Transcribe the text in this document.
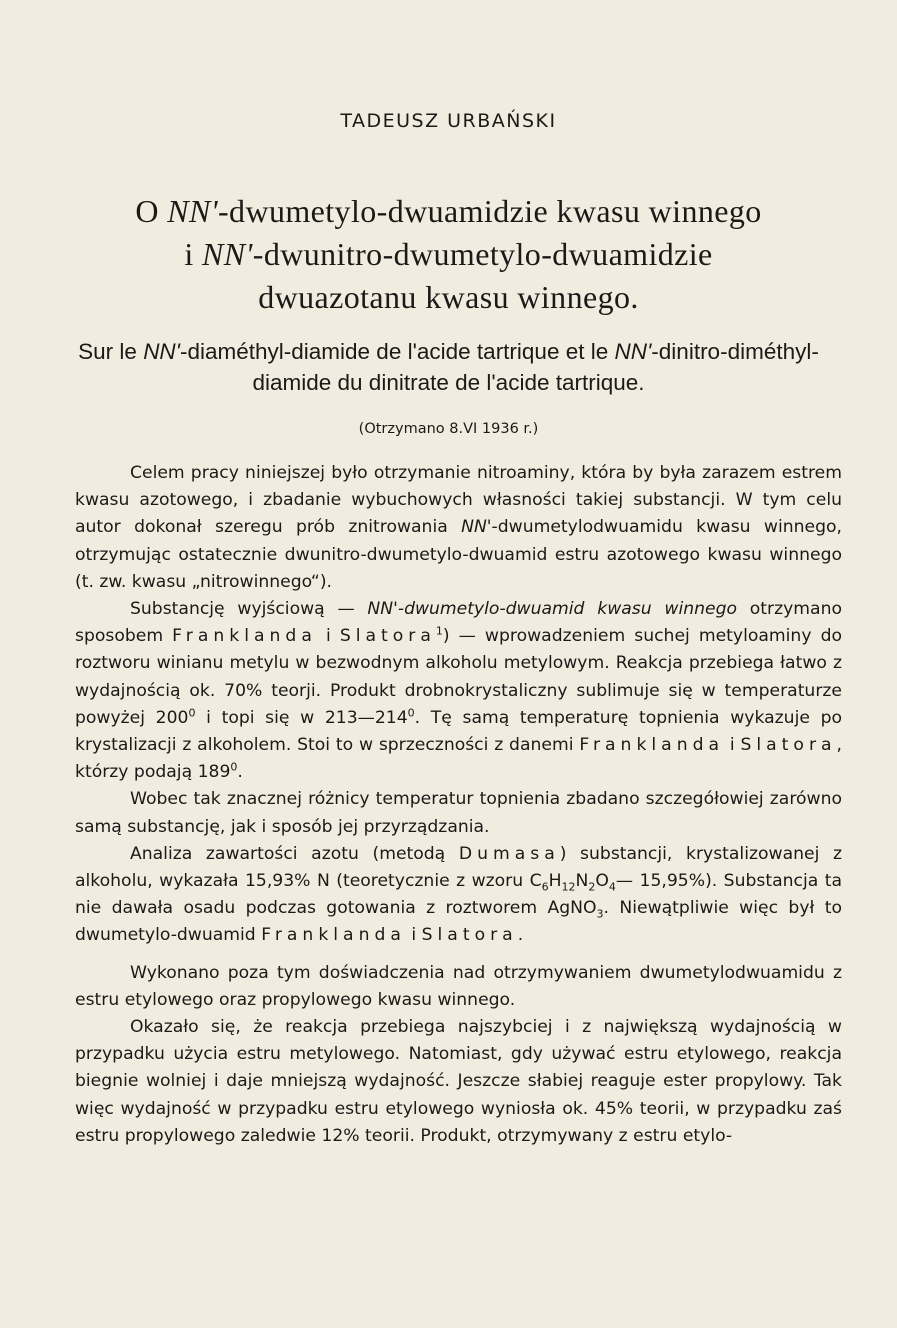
TADEUSZ URBAŃSKI
O NN'-dwumetylo-dwuamidzie kwasu winnego
i NN'-dwunitro-dwumetylo-dwuamidzie
dwuazotanu kwasu winnego.
Sur le NN'-diaméthyl-diamide de l'acide tartrique et le NN'-dinitro-diméthyl-diamide du dinitrate de l'acide tartrique.
(Otrzymano 8.VI 1936 r.)

Celem pracy niniejszej było otrzymanie nitroaminy, która by była zarazem estrem kwasu azotowego, i zbadanie wybuchowych własności takiej substancji. W tym celu autor dokonał szeregu prób znitrowania NN'-dwumetylodwuamidu kwasu winnego, otrzymując ostatecznie dwunitro-dwumetylo-dwuamid estru azotowego kwasu winnego (t. zw. kwasu „nitrowinnego“).

Substancję wyjściową — NN'-dwumetylo-dwuamid kwasu winnego otrzymano sposobem Franklanda i Slatora$^1$) — wprowadzeniem suchej metyloaminy do roztworu winianu metylu w bezwodnym alkoholu metylowym. Reakcja przebiega łatwo z wydajnością ok. 70% teorji. Produkt drobnokrystaliczny sublimuje się w temperaturze powyżej $200^0$ i topi się w $213—214^0$. Tę samą temperaturę topnienia wykazuje po krystalizacji z alkoholem. Stoi to w sprzeczności z danemi Franklanda i Slatora, którzy podają $189^0$.

Wobec tak znacznej różnicy temperatur topnienia zbadano szczegółowiej zarówno samą substancję, jak i sposób jej przyrządzania.

Analiza zawartości azotu (metodą Dumasa) substancji, krystalizowanej z alkoholu, wykazała 15,93% N (teoretycznie z wzoru $C_6H_{12}N_2O_4—$ 15,95%). Substancja ta nie dawała osadu podczas gotowania z roztworem AgNO$_3$. Niewątpliwie więc był to dwumetylo-dwuamid Franklanda i Slatora.

Wykonano poza tym doświadczenia nad otrzymywaniem dwumetylodwuamidu z estru etylowego oraz propylowego kwasu winnego.

Okazało się, że reakcja przebiega najszybciej i z największą wydajnością w przypadku użycia estru metylowego. Natomiast, gdy używać estru etylowego, reakcja biegnie wolniej i daje mniejszą wydajność. Jeszcze słabiej reaguje ester propylowy. Tak więc wydajność w przypadku estru etylowego wyniosła ok. 45% teorii, w przypadku zaś estru propylowego zaledwie 12% teorii. Produkt, otrzymywany z estru etylo-
